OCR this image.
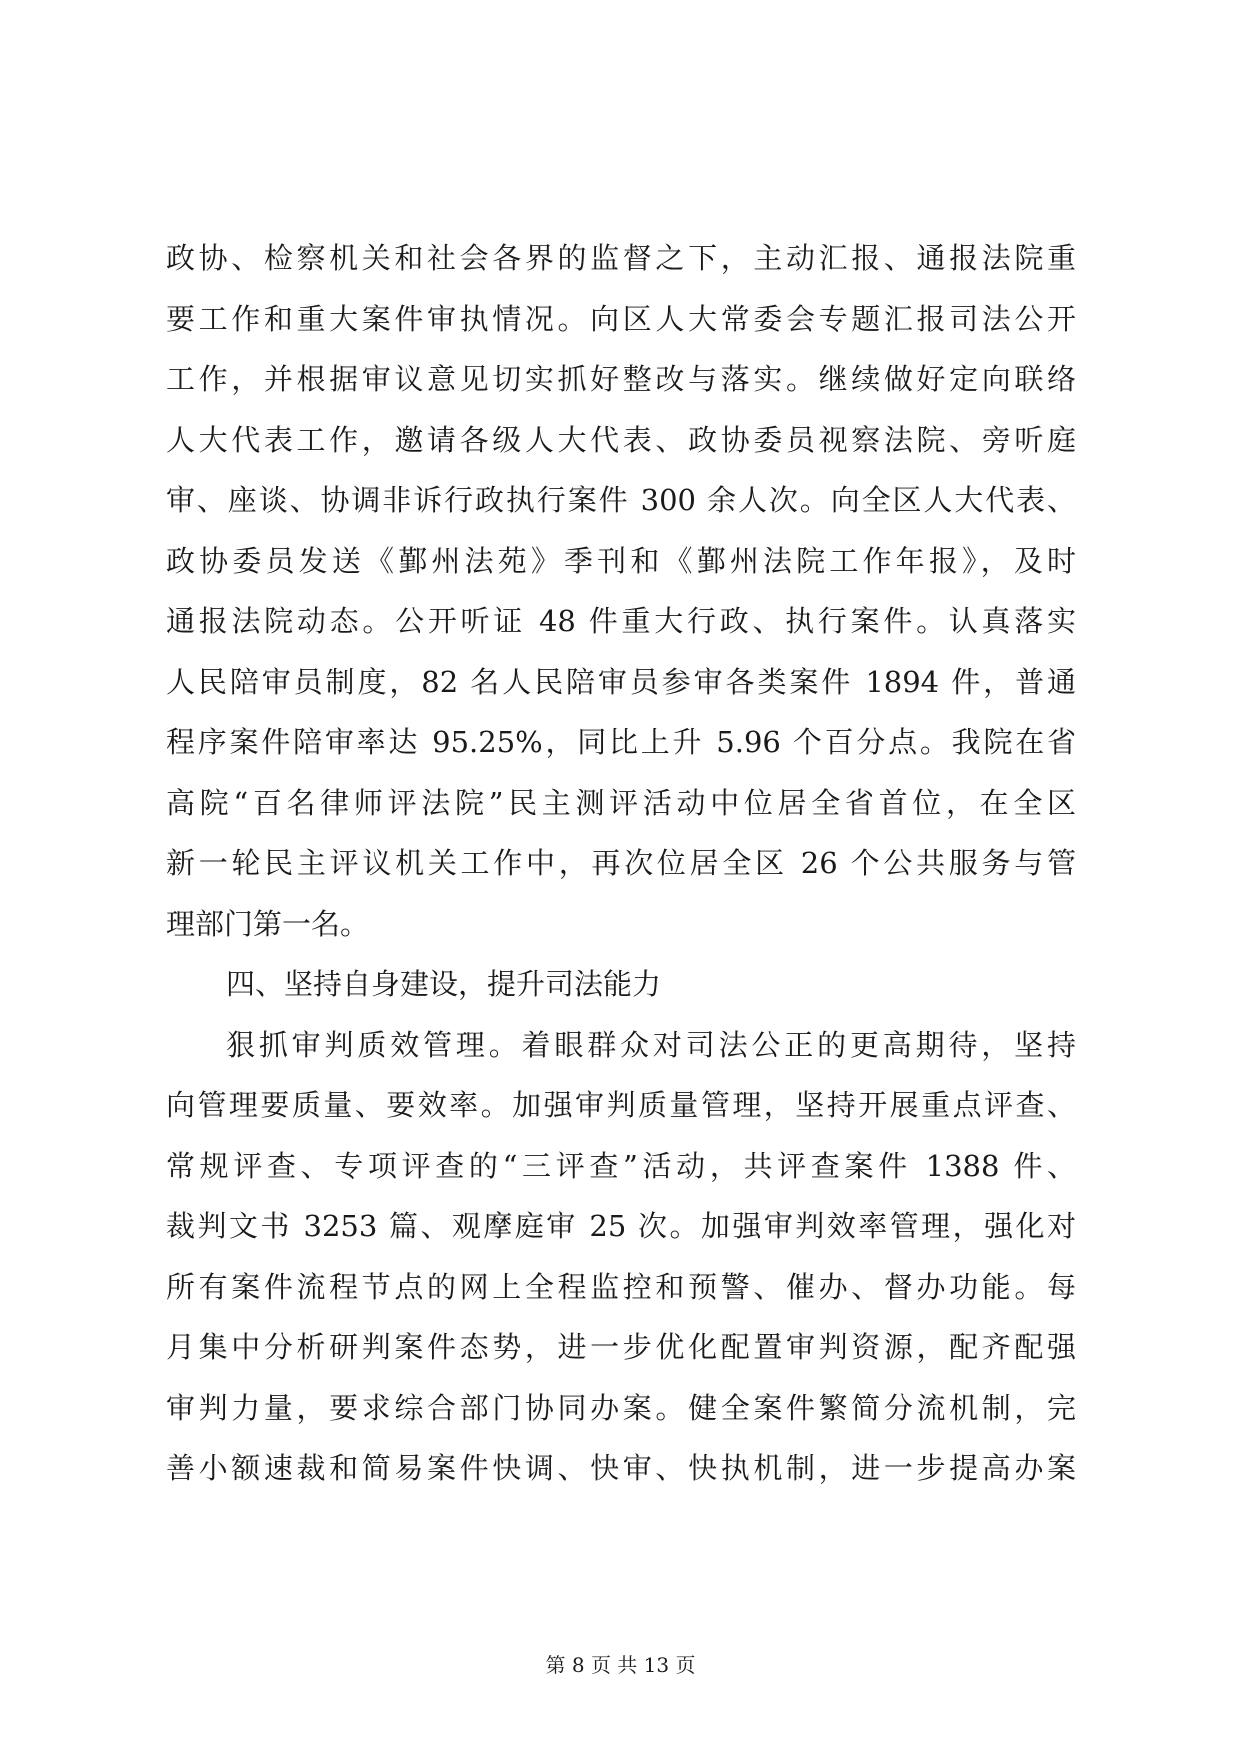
政协、检察机关和社会各界的监督之下，主动汇报、通报法院重
要工作和重大案件审执情况。向区人大常委会专题汇报司法公开
工作，并根据审议意见切实抓好整改与落实。继续做好定向联络
人大代表工作，邀请各级人大代表、政协委员视察法院、旁听庭
审、座谈、协调非诉行政执行案件 300 余人次。向全区人大代表、
政协委员发送《鄞州法苑》季刊和《鄞州法院工作年报》，及时
通报法院动态。公开听证 48 件重大行政、执行案件。认真落实
人民陪审员制度，82 名人民陪审员参审各类案件 1894 件，普通
程序案件陪审率达 95.25%，同比上升 5.96 个百分点。我院在省
高院“百名律师评法院”民主测评活动中位居全省首位，在全区
新一轮民主评议机关工作中，再次位居全区 26 个公共服务与管
理部门第一名。
四、坚持自身建设，提升司法能力
狠抓审判质效管理。着眼群众对司法公正的更高期待，坚持
向管理要质量、要效率。加强审判质量管理，坚持开展重点评查、
常规评查、专项评查的“三评查”活动，共评查案件 1388 件、
裁判文书 3253 篇、观摩庭审 25 次。加强审判效率管理，强化对
所有案件流程节点的网上全程监控和预警、催办、督办功能。每
月集中分析研判案件态势，进一步优化配置审判资源，配齐配强
审判力量，要求综合部门协同办案。健全案件繁简分流机制，完
善小额速裁和简易案件快调、快审、快执机制，进一步提高办案
第 8 页 共 13 页
